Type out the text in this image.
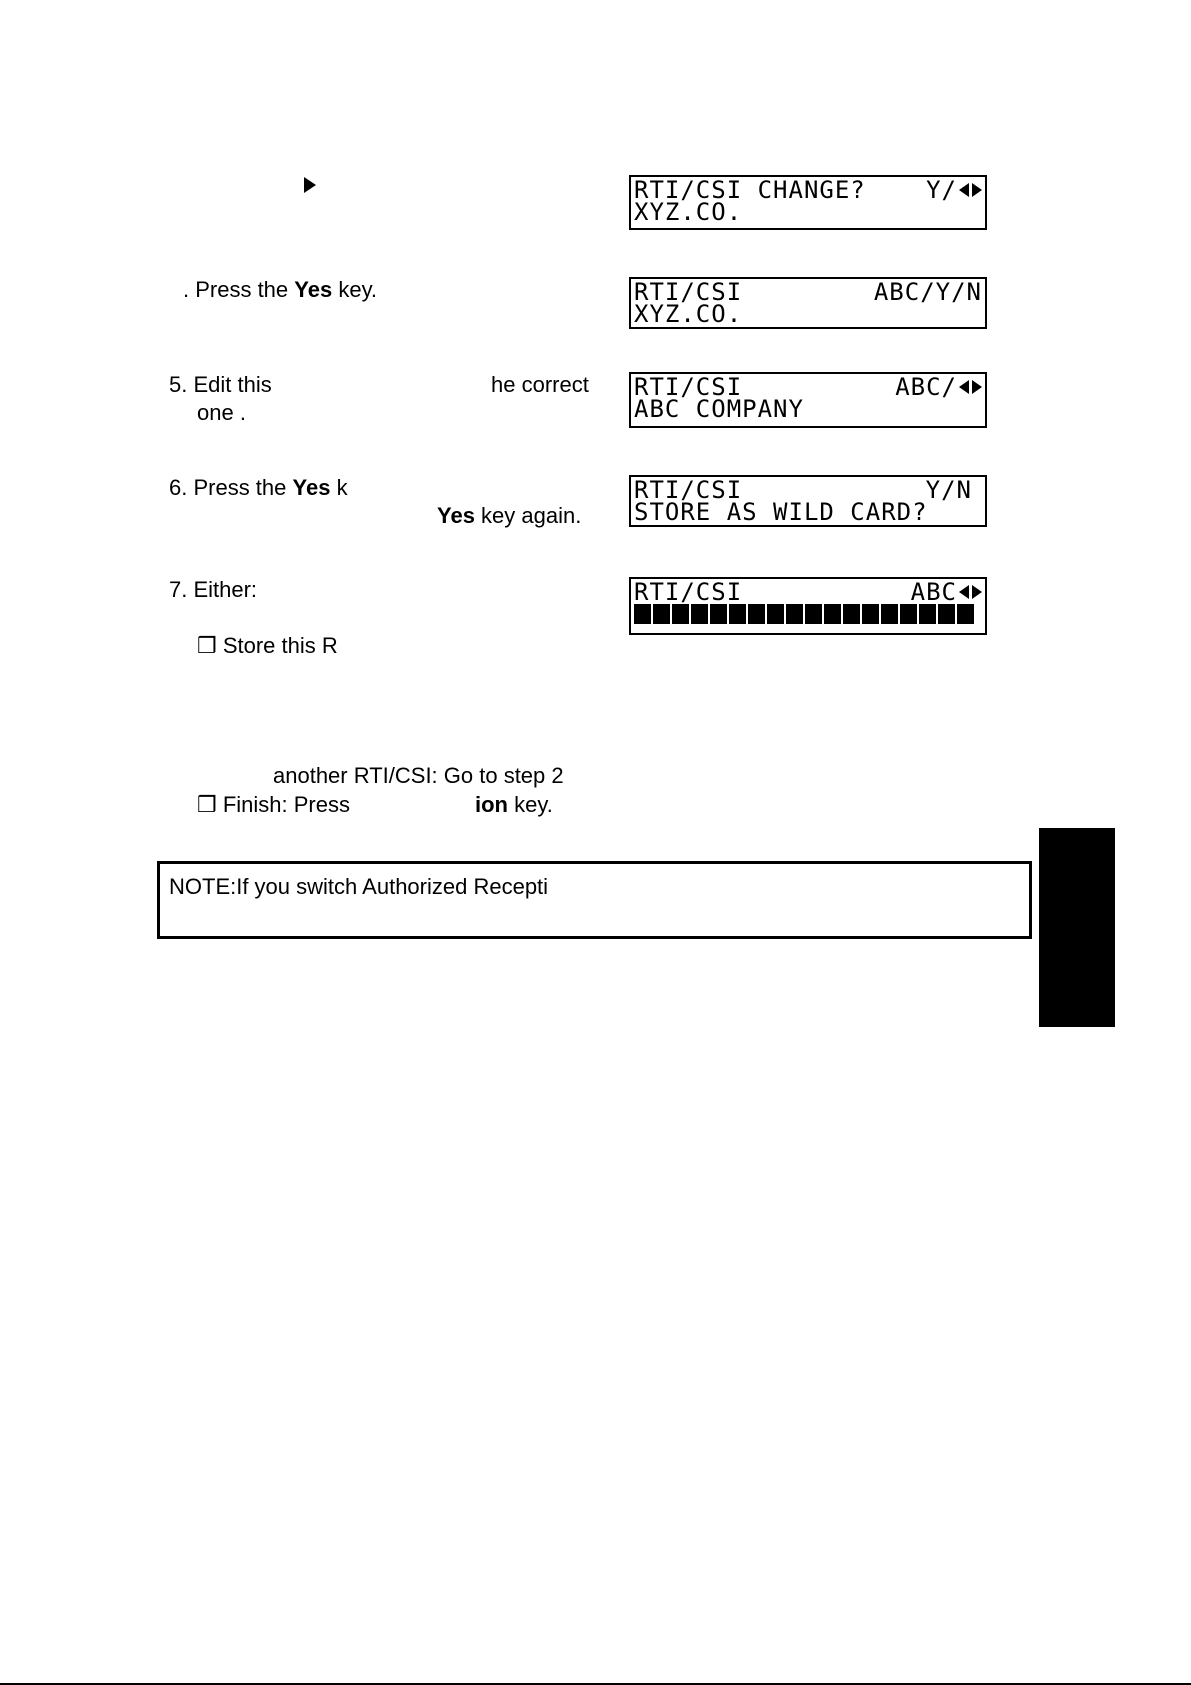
. Press the Yes key.
5. Edit this	he correct
one .
6. Press the Yes k
Yes key again.
7. Either:
❒ Store this R
another RTI/CSI: Go to step 2
❒ Finish: Press	ion key.
RTI/CSI CHANGE?	Y/
XYZ.CO.
RTI/CSI	ABC/Y/N
XYZ.CO.
RTI/CSI	ABC/
ABC COMPANY
RTI/CSI	Y/N
STORE AS WILD CARD?
RTI/CSI	ABC
NOTE:If you switch Authorized Recepti
